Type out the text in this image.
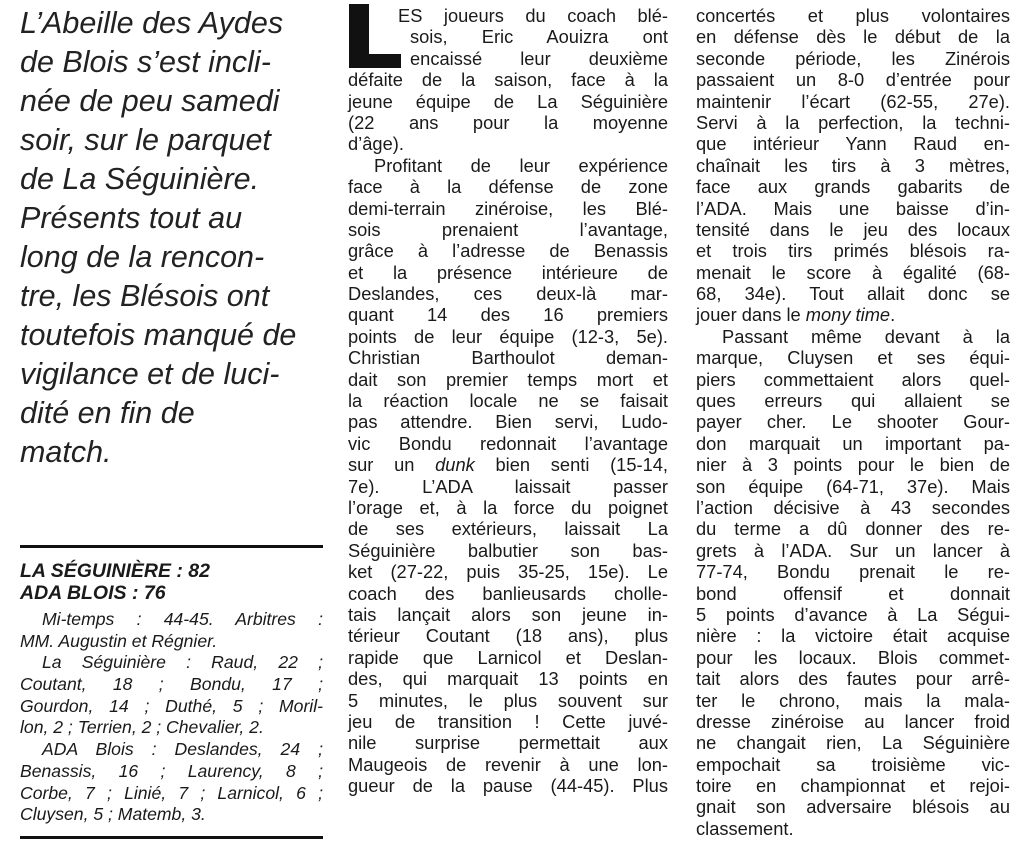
L’Abeille des Aydes
de Blois s’est incli-
née de peu samedi
soir, sur le parquet
de La Séguinière.
Présents tout au
long de la rencon-
tre, les Blésois ont
toutefois manqué de
vigilance et de luci-
dité en fin de
match.
LA SÉGUINIÈRE : 82
ADA BLOIS : 76
Mi-temps : 44-45. Arbitres :
MM. Augustin et Régnier.
La Séguinière : Raud, 22 ;
Coutant, 18 ; Bondu, 17 ;
Gourdon, 14 ; Duthé, 5 ; Moril-
lon, 2 ; Terrien, 2 ; Chevalier, 2.
ADA Blois : Deslandes, 24 ;
Benassis, 16 ; Laurency, 8 ;
Corbe, 7 ; Linié, 7 ; Larnicol, 6 ;
Cluysen, 5 ; Matemb, 3.
ES joueurs du coach blé-
sois, Eric Aouizra ont
encaissé leur deuxième
défaite de la saison, face à la
jeune équipe de La Séguinière
(22 ans pour la moyenne
d’âge).
Profitant de leur expérience
face à la défense de zone
demi-terrain zinéroise, les Blé-
sois prenaient l’avantage,
grâce à l’adresse de Benassis
et la présence intérieure de
Deslandes, ces deux-là mar-
quant 14 des 16 premiers
points de leur équipe (12-3, 5e).
Christian Barthoulot deman-
dait son premier temps mort et
la réaction locale ne se faisait
pas attendre. Bien servi, Ludo-
vic Bondu redonnait l’avantage
sur un dunk bien senti (15-14,
7e). L’ADA laissait passer
l’orage et, à la force du poignet
de ses extérieurs, laissait La
Séguinière balbutier son bas-
ket (27-22, puis 35-25, 15e). Le
coach des banlieusards cholle-
tais lançait alors son jeune in-
térieur Coutant (18 ans), plus
rapide que Larnicol et Deslan-
des, qui marquait 13 points en
5 minutes, le plus souvent sur
jeu de transition ! Cette juvé-
nile surprise permettait aux
Maugeois de revenir à une lon-
gueur de la pause (44-45). Plus
concertés et plus volontaires
en défense dès le début de la
seconde période, les Zinérois
passaient un 8-0 d’entrée pour
maintenir l’écart (62-55, 27e).
Servi à la perfection, la techni-
que intérieur Yann Raud en-
chaînait les tirs à 3 mètres,
face aux grands gabarits de
l’ADA. Mais une baisse d’in-
tensité dans le jeu des locaux
et trois tirs primés blésois ra-
menait le score à égalité (68-
68, 34e). Tout allait donc se
jouer dans le mony time.
Passant même devant à la
marque, Cluysen et ses équi-
piers commettaient alors quel-
ques erreurs qui allaient se
payer cher. Le shooter Gour-
don marquait un important pa-
nier à 3 points pour le bien de
son équipe (64-71, 37e). Mais
l’action décisive à 43 secondes
du terme a dû donner des re-
grets à l’ADA. Sur un lancer à
77-74, Bondu prenait le re-
bond offensif et donnait
5 points d’avance à La Ségui-
nière : la victoire était acquise
pour les locaux. Blois commet-
tait alors des fautes pour arrê-
ter le chrono, mais la mala-
dresse zinéroise au lancer froid
ne changait rien, La Séguinière
empochait sa troisième vic-
toire en championnat et rejoi-
gnait son adversaire blésois au
classement.
